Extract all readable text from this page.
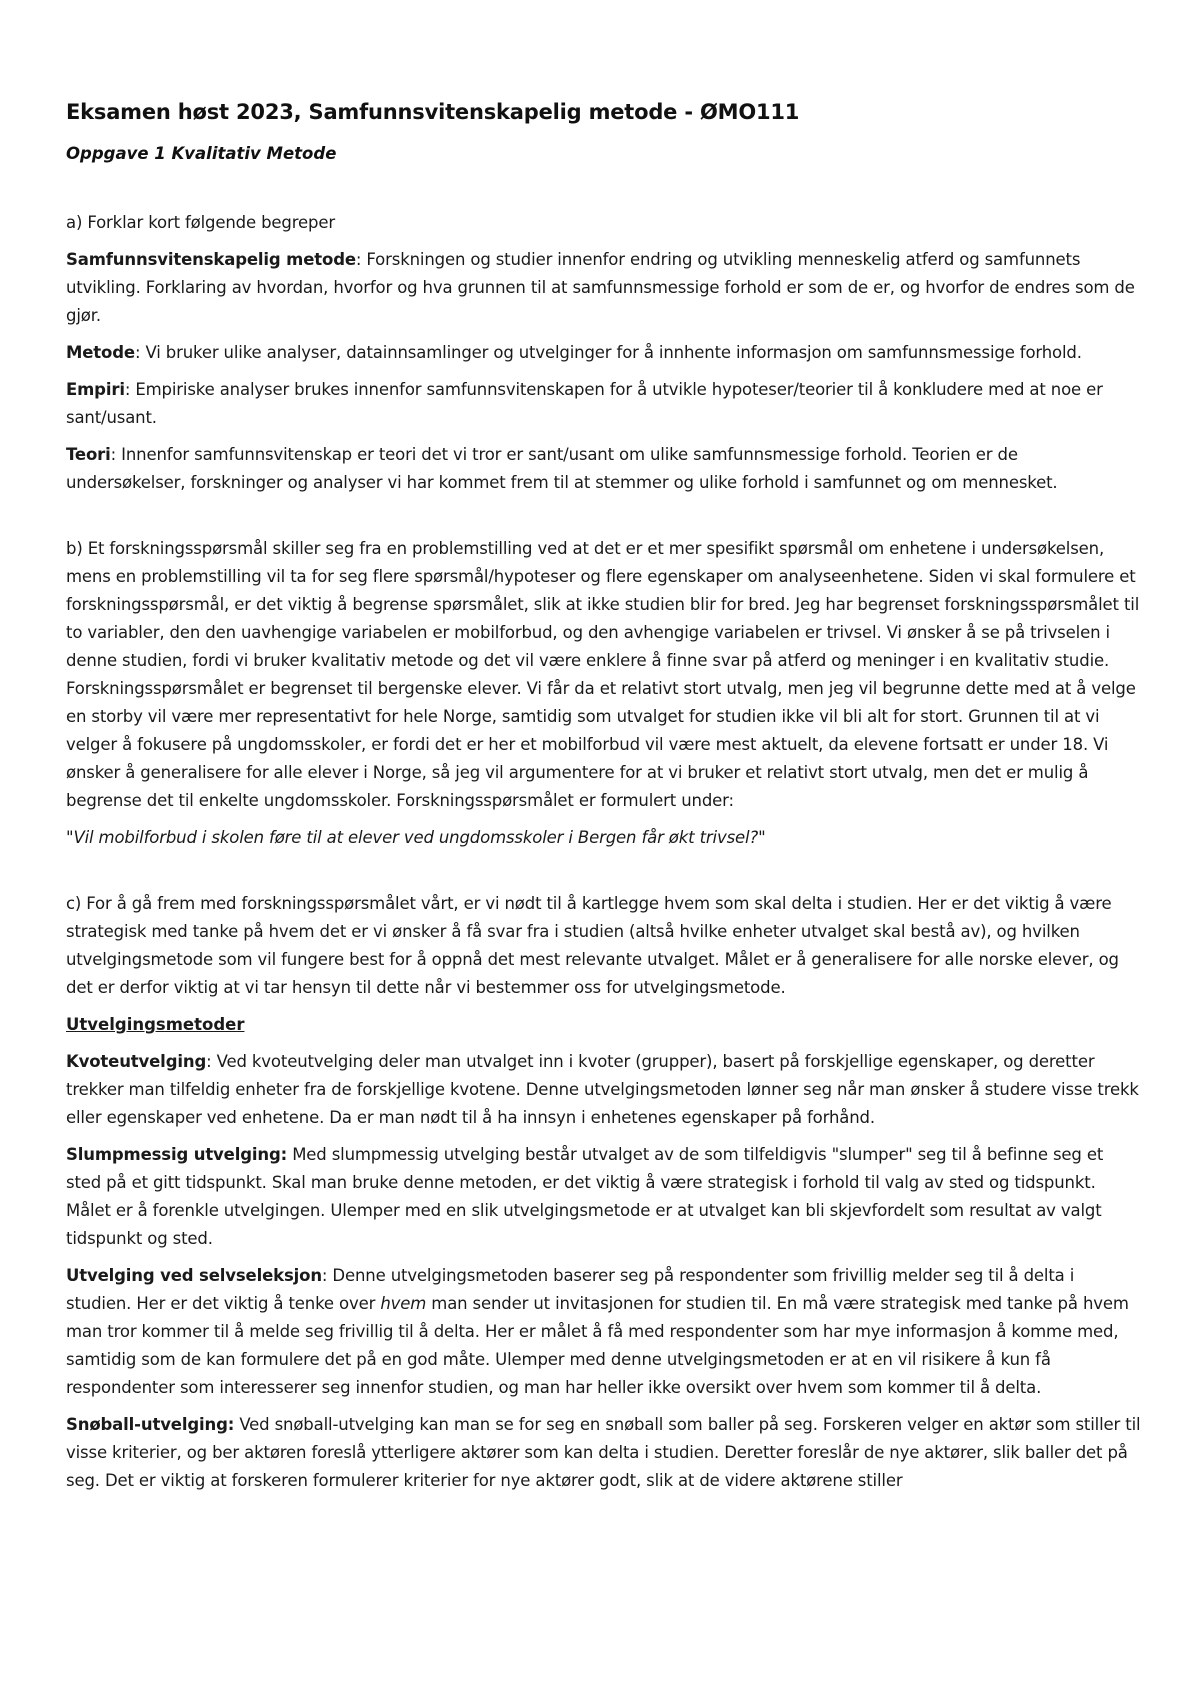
Eksamen høst 2023, Samfunnsvitenskapelig metode - ØMO111
Oppgave 1 Kvalitativ Metode

a) Forklar kort følgende begreper

Samfunnsvitenskapelig metode: Forskningen og studier innenfor endring og utvikling menneskelig atferd og samfunnets utvikling. Forklaring av hvordan, hvorfor og hva grunnen til at samfunnsmessige forhold er som de er, og hvorfor de endres som de gjør.

Metode: Vi bruker ulike analyser, datainnsamlinger og utvelginger for å innhente informasjon om samfunnsmessige forhold.

Empiri: Empiriske analyser brukes innenfor samfunnsvitenskapen for å utvikle hypoteser/teorier til å konkludere med at noe er sant/usant.

Teori: Innenfor samfunnsvitenskap er teori det vi tror er sant/usant om ulike samfunnsmessige forhold. Teorien er de undersøkelser, forskninger og analyser vi har kommet frem til at stemmer og ulike forhold i samfunnet og om mennesket.

b) Et forskningsspørsmål skiller seg fra en problemstilling ved at det er et mer spesifikt spørsmål om enhetene i undersøkelsen, mens en problemstilling vil ta for seg flere spørsmål/hypoteser og flere egenskaper om analyseenhetene. Siden vi skal formulere et forskningsspørsmål, er det viktig å begrense spørsmålet, slik at ikke studien blir for bred. Jeg har begrenset forskningsspørsmålet til to variabler, den den uavhengige variabelen er mobilforbud, og den avhengige variabelen er trivsel. Vi ønsker å se på trivselen i denne studien, fordi vi bruker kvalitativ metode og det vil være enklere å finne svar på atferd og meninger i en kvalitativ studie. Forskningsspørsmålet er begrenset til bergenske elever. Vi får da et relativt stort utvalg, men jeg vil begrunne dette med at å velge en storby vil være mer representativt for hele Norge, samtidig som utvalget for studien ikke vil bli alt for stort. Grunnen til at vi velger å fokusere på ungdomsskoler, er fordi det er her et mobilforbud vil være mest aktuelt, da elevene fortsatt er under 18. Vi ønsker å generalisere for alle elever i Norge, så jeg vil argumentere for at vi bruker et relativt stort utvalg, men det er mulig å begrense det til enkelte ungdomsskoler. Forskningsspørsmålet er formulert under:

"Vil mobilforbud i skolen føre til at elever ved ungdomsskoler i Bergen får økt trivsel?"

c) For å gå frem med forskningsspørsmålet vårt, er vi nødt til å kartlegge hvem som skal delta i studien. Her er det viktig å være strategisk med tanke på hvem det er vi ønsker å få svar fra i studien (altså hvilke enheter utvalget skal bestå av), og hvilken utvelgingsmetode som vil fungere best for å oppnå det mest relevante utvalget. Målet er å generalisere for alle norske elever, og det er derfor viktig at vi tar hensyn til dette når vi bestemmer oss for utvelgingsmetode.

Utvelgingsmetoder

Kvoteutvelging: Ved kvoteutvelging deler man utvalget inn i kvoter (grupper), basert på forskjellige egenskaper, og deretter trekker man tilfeldig enheter fra de forskjellige kvotene. Denne utvelgingsmetoden lønner seg når man ønsker å studere visse trekk eller egenskaper ved enhetene. Da er man nødt til å ha innsyn i enhetenes egenskaper på forhånd.

Slumpmessig utvelging: Med slumpmessig utvelging består utvalget av de som tilfeldigvis "slumper" seg til å befinne seg et sted på et gitt tidspunkt. Skal man bruke denne metoden, er det viktig å være strategisk i forhold til valg av sted og tidspunkt. Målet er å forenkle utvelgingen. Ulemper med en slik utvelgingsmetode er at utvalget kan bli skjevfordelt som resultat av valgt tidspunkt og sted.

Utvelging ved selvseleksjon: Denne utvelgingsmetoden baserer seg på respondenter som frivillig melder seg til å delta i studien. Her er det viktig å tenke over hvem man sender ut invitasjonen for studien til. En må være strategisk med tanke på hvem man tror kommer til å melde seg frivillig til å delta. Her er målet å få med respondenter som har mye informasjon å komme med, samtidig som de kan formulere det på en god måte. Ulemper med denne utvelgingsmetoden er at en vil risikere å kun få respondenter som interesserer seg innenfor studien, og man har heller ikke oversikt over hvem som kommer til å delta.

Snøball-utvelging: Ved snøball-utvelging kan man se for seg en snøball som baller på seg. Forskeren velger en aktør som stiller til visse kriterier, og ber aktøren foreslå ytterligere aktører som kan delta i studien. Deretter foreslår de nye aktører, slik baller det på seg. Det er viktig at forskeren formulerer kriterier for nye aktører godt, slik at de videre aktørene stiller
